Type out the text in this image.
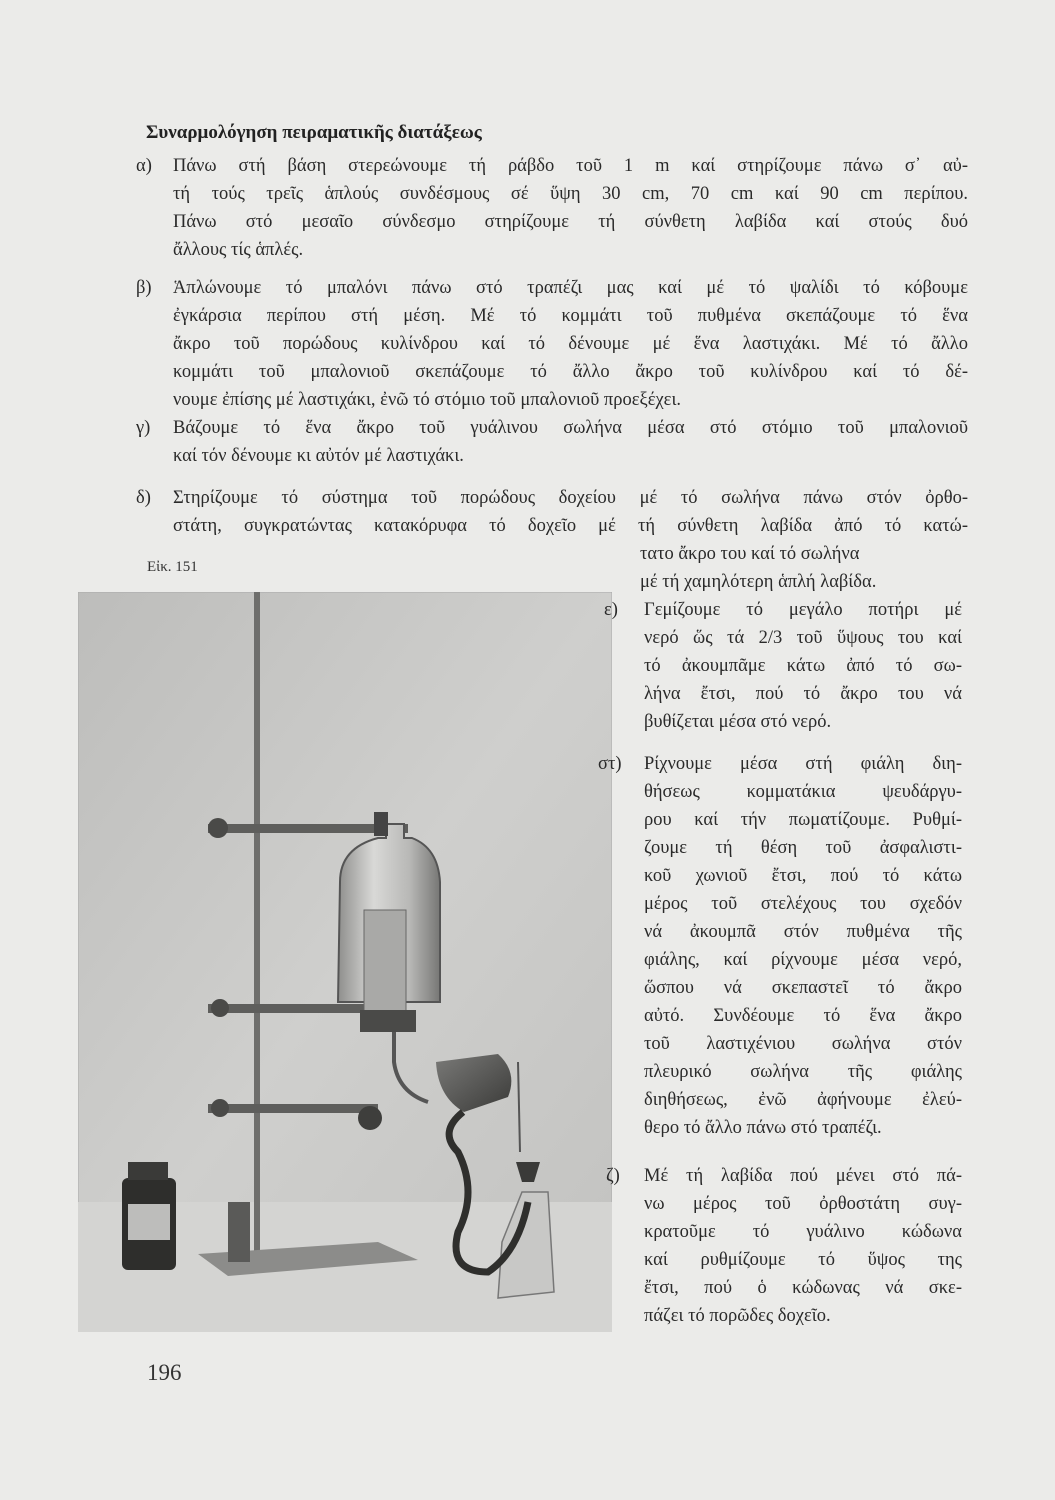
Συναρμολόγηση πειραματικῆς διατάξεως
α) Πάνω στή βάση στερεώνουμε τή ράβδο τοῦ 1 m καί στηρίζουμε πάνω σ᾽ αὐ-
τή τούς τρεῖς ἁπλούς συνδέσμους σέ ὕψη 30 cm, 70 cm καί 90 cm περίπου.
Πάνω στό μεσαῖο σύνδεσμο στηρίζουμε τή σύνθετη λαβίδα καί στούς δυό
ἄλλους τίς ἁπλές.
β) Ἁπλώνουμε τό μπαλόνι πάνω στό τραπέζι μας καί μέ τό ψαλίδι τό κόβουμε
ἐγκάρσια περίπου στή μέση. Μέ τό κομμάτι τοῦ πυθμένα σκεπάζουμε τό ἕνα
ἄκρο τοῦ πορώδους κυλίνδρου καί τό δένουμε μέ ἕνα λαστιχάκι. Μέ τό ἄλλο
κομμάτι τοῦ μπαλονιοῦ σκεπάζουμε τό ἄλλο ἄκρο τοῦ κυλίνδρου καί τό δέ-
νουμε ἐπίσης μέ λαστιχάκι, ἐνῶ τό στόμιο τοῦ μπαλονιοῦ προεξέχει.
γ) Βάζουμε τό ἕνα ἄκρο τοῦ γυάλινου σωλήνα μέσα στό στόμιο τοῦ μπαλονιοῦ
καί τόν δένουμε κι αὐτόν μέ λαστιχάκι.
δ) Στηρίζουμε τό σύστημα τοῦ πορώδους δοχείου μέ τό σωλήνα πάνω στόν ὀρθο-
στάτη, συγκρατώντας κατακόρυφα τό δοχεῖο μέ τή σύνθετη λαβίδα ἀπό τό κατώ-
τατο ἄκρο του καί τό σωλήνα
μέ τή χαμηλότερη ἁπλή λαβίδα.
Εἰκ. 151
ε) Γεμίζουμε τό μεγάλο ποτήρι μέ
νερό ὥς τά 2/3 τοῦ ὕψους του καί
τό ἀκουμπᾶμε κάτω ἀπό τό σω-
λήνα ἔτσι, πού τό ἄκρο του νά
βυθίζεται μέσα στό νερό.
στ) Ρίχνουμε μέσα στή φιάλη διη-
θήσεως κομματάκια ψευδάργυ-
ρου καί τήν πωματίζουμε. Ρυθμί-
ζουμε τή θέση τοῦ ἀσφαλιστι-
κοῦ χωνιοῦ ἔτσι, πού τό κάτω
μέρος τοῦ στελέχους του σχεδόν
νά ἀκουμπᾶ στόν πυθμένα τῆς
φιάλης, καί ρίχνουμε μέσα νερό,
ὥσπου νά σκεπαστεῖ τό ἄκρο
αὐτό. Συνδέουμε τό ἕνα ἄκρο
τοῦ λαστιχένιου σωλήνα στόν
πλευρικό σωλήνα τῆς φιάλης
διηθήσεως, ἐνῶ ἀφήνουμε ἐλεύ-
θερο τό ἄλλο πάνω στό τραπέζι.
ζ) Μέ τή λαβίδα πού μένει στό πά-
νω μέρος τοῦ ὀρθοστάτη συγ-
κρατοῦμε τό γυάλινο κώδωνα
καί ρυθμίζουμε τό ὕψος της
ἔτσι, πού ὁ κώδωνας νά σκε-
πάζει τό πορῶδες δοχεῖο.
196
